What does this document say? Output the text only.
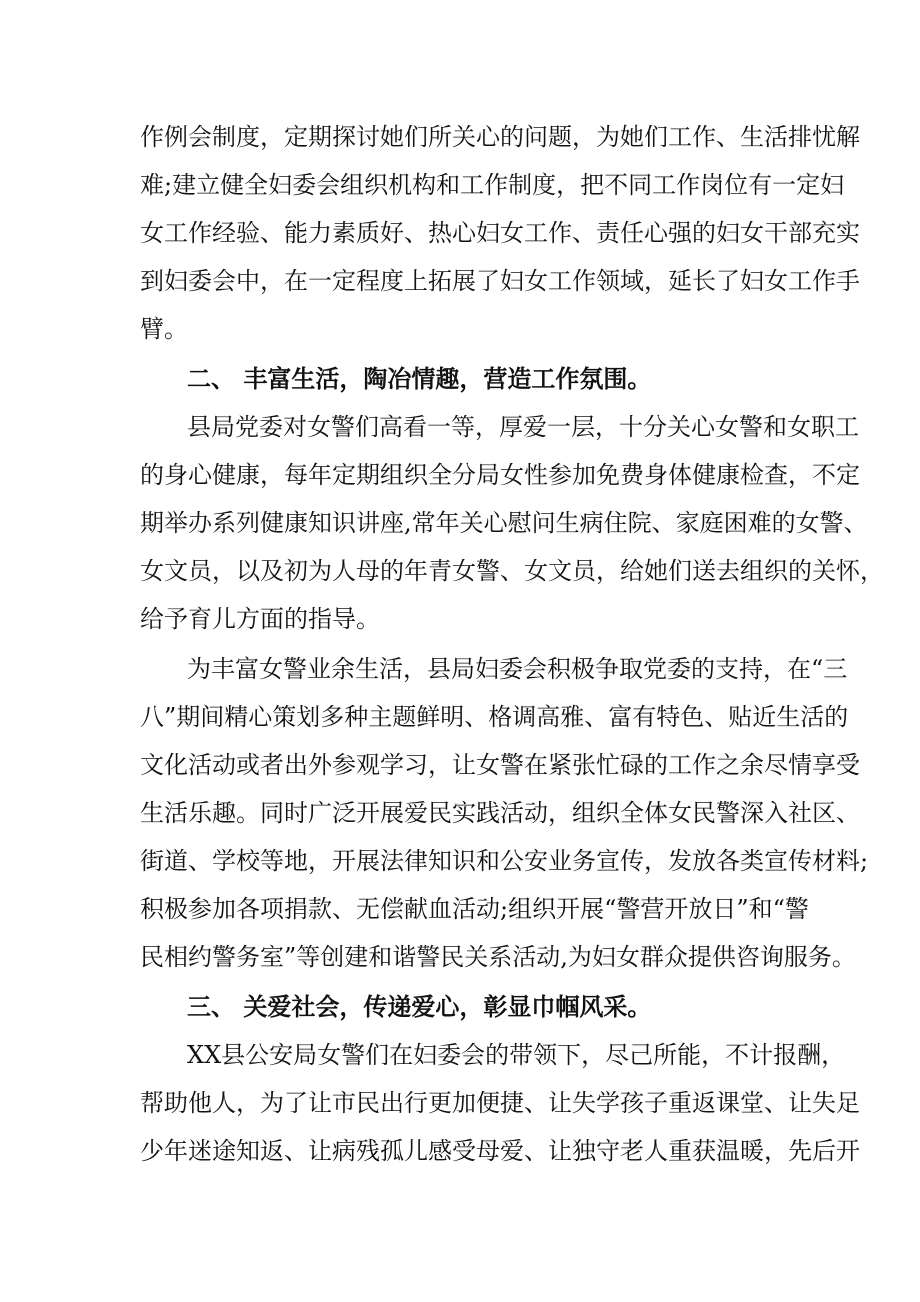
作例会制度，定期探讨她们所关心的问题，为她们工作、生活排忧解
难;建立健全妇委会组织机构和工作制度，把不同工作岗位有一定妇
女工作经验、能力素质好、热心妇女工作、责任心强的妇女干部充实
到妇委会中，在一定程度上拓展了妇女工作领域，延长了妇女工作手
臂。
二、 丰富生活，陶冶情趣，营造工作氛围。
县局党委对女警们高看一等，厚爱一层，十分关心女警和女职工
的身心健康，每年定期组织全分局女性参加免费身体健康检查，不定
期举办系列健康知识讲座,常年关心慰问生病住院、家庭困难的女警、
女文员，以及初为人母的年青女警、女文员，给她们送去组织的关怀，
给予育儿方面的指导。
为丰富女警业余生活，县局妇委会积极争取党委的支持，在“三
八”期间精心策划多种主题鲜明、格调高雅、富有特色、贴近生活的
文化活动或者出外参观学习，让女警在紧张忙碌的工作之余尽情享受
生活乐趣。同时广泛开展爱民实践活动，组织全体女民警深入社区、
街道、学校等地，开展法律知识和公安业务宣传，发放各类宣传材料;
积极参加各项捐款、无偿献血活动;组织开展“警营开放日”和“警
民相约警务室”等创建和谐警民关系活动,为妇女群众提供咨询服务。
三、 关爱社会，传递爱心，彰显巾帼风采。
XX县公安局女警们在妇委会的带领下，尽己所能，不计报酬，
帮助他人，为了让市民出行更加便捷、让失学孩子重返课堂、让失足
少年迷途知返、让病残孤儿感受母爱、让独守老人重获温暖，先后开
